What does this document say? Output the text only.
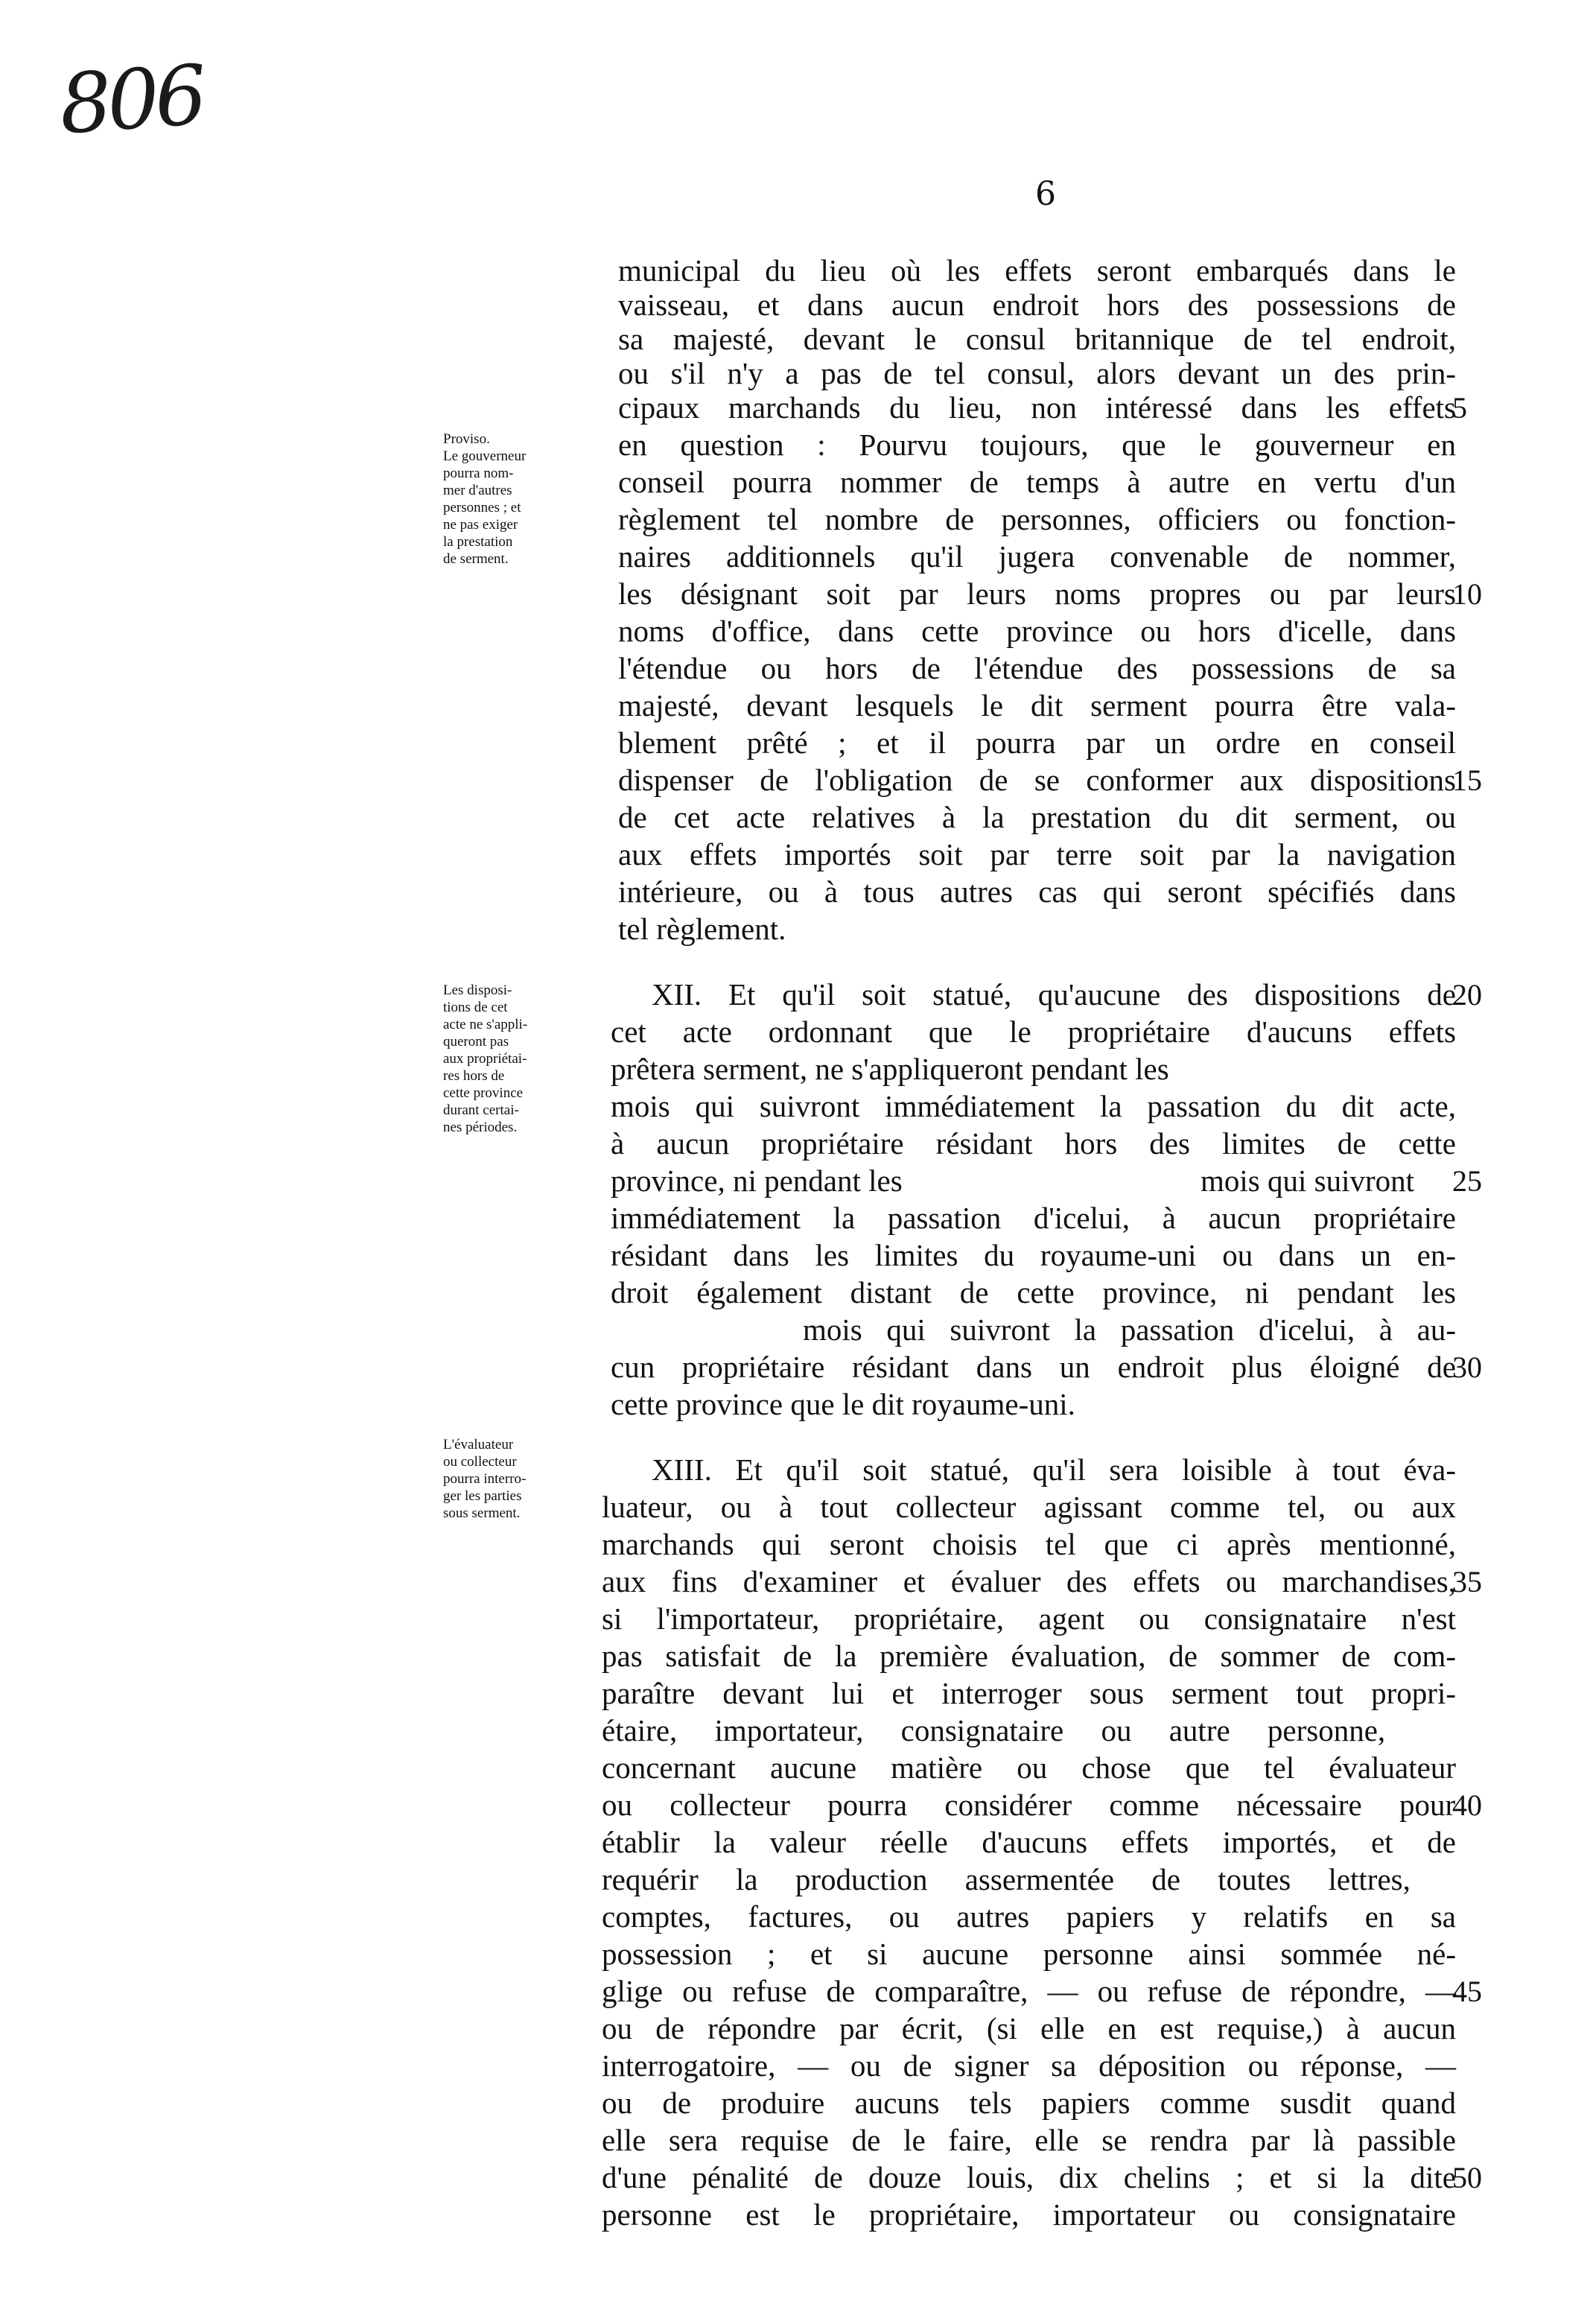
806
6
Proviso.
Le gouverneur
pourra nom-
mer d'autres
personnes ; et
ne pas exiger
la prestation
de serment.
Les disposi-
tions de cet
acte ne s'appli-
queront pas
aux propriétai-
res hors de
cette province
durant certai-
nes périodes.
L'évaluateur
ou collecteur
pourra interro-
ger les parties
sous serment.
municipal du lieu où les effets seront embarqués dans le
vaisseau, et dans aucun endroit hors des possessions de
sa majesté, devant le consul britannique de tel endroit,
ou s'il n'y a pas de tel consul, alors devant un des prin-
cipaux marchands du lieu, non intéressé dans les effets
5
en question : Pourvu toujours, que le gouverneur en
conseil pourra nommer de temps à autre en vertu d'un
règlement tel nombre de personnes, officiers ou fonction-
naires additionnels qu'il jugera convenable de nommer,
les désignant soit par leurs noms propres ou par leurs
10
noms d'office, dans cette province ou hors d'icelle, dans
l'étendue ou hors de l'étendue des possessions de sa
majesté, devant lesquels le dit serment pourra être vala-
blement prêté ; et il pourra par un ordre en conseil
dispenser de l'obligation de se conformer aux dispositions
15
de cet acte relatives à la prestation du dit serment, ou
aux effets importés soit par terre soit par la navigation
intérieure, ou à tous autres cas qui seront spécifiés dans
tel règlement.
XII. Et qu'il soit statué, qu'aucune des dispositions de
20
cet acte ordonnant que le propriétaire d'aucuns effets
prêtera serment, ne s'appliqueront pendant les
mois qui suivront immédiatement la passation du dit acte,
à aucun propriétaire résidant hors des limites de cette
province, ni pendant les	mois qui suivront 25
immédiatement la passation d'icelui, à aucun propriétaire
résidant dans les limites du royaume-uni ou dans un en-
droit également distant de cette province, ni pendant les
mois qui suivront la passation d'icelui, à au-
cun propriétaire résidant dans un endroit plus éloigné de
30
cette province que le dit royaume-uni.
XIII. Et qu'il soit statué, qu'il sera loisible à tout éva-
luateur, ou à tout collecteur agissant comme tel, ou aux
marchands qui seront choisis tel que ci après mentionné,
aux fins d'examiner et évaluer des effets ou marchandises,
35
si l'importateur, propriétaire, agent ou consignataire n'est
pas satisfait de la première évaluation, de sommer de com-
paraître devant lui et interroger sous serment tout propri-
étaire, importateur, consignataire ou autre personne,
concernant aucune matière ou chose que tel évaluateur
ou collecteur pourra considérer comme nécessaire pour
40
établir la valeur réelle d'aucuns effets importés, et de
requérir la production assermentée de toutes lettres,
comptes, factures, ou autres papiers y relatifs en sa
possession ; et si aucune personne ainsi sommée né-
glige ou refuse de comparaître, — ou refuse de répondre, —
45
ou de répondre par écrit, (si elle en est requise,) à aucun
interrogatoire, — ou de signer sa déposition ou réponse, —
ou de produire aucuns tels papiers comme susdit quand
elle sera requise de le faire, elle se rendra par là passible
d'une pénalité de douze louis, dix chelins ; et si la dite
50
personne est le propriétaire, importateur ou consignataire
